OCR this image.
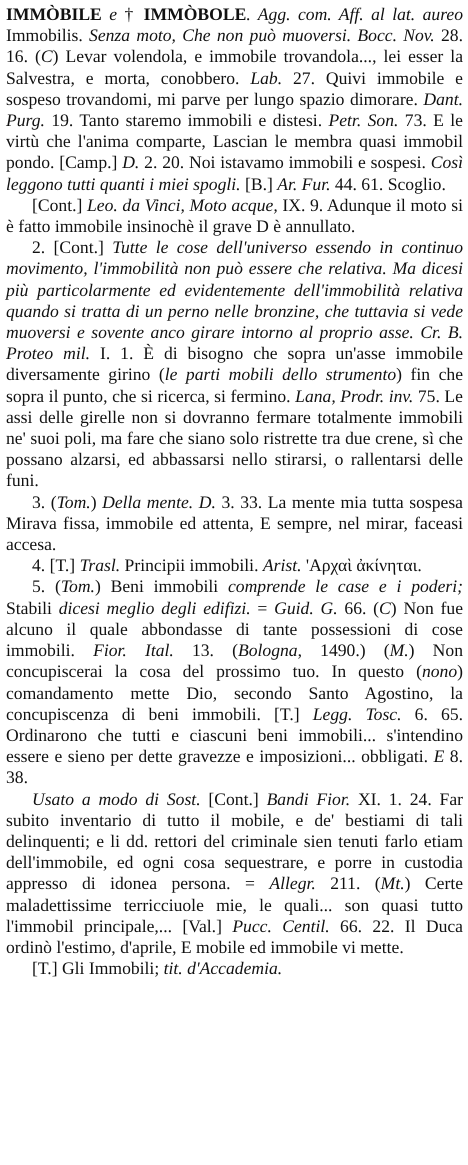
IMMÒBILE e † IMMÒBOLE. Agg. com. Aff. al lat. aureo Immobilis. Senza moto, Che non può muoversi. Bocc. Nov. 28. 16. (C) Levar volendola, e immobile trovandola..., lei esser la Salvestra, e morta, conobbero. Lab. 27. Quivi immobile e sospeso trovandomi, mi parve per lungo spazio dimorare. Dant. Purg. 19. Tanto staremo immobili e distesi. Petr. Son. 73. E le virtù che l'anima comparte, Lascian le membra quasi immobil pondo. [Camp.] D. 2. 20. Noi istavamo immobili e sospesi. Così leggono tutti quanti i miei spogli. [B.] Ar. Fur. 44. 61. Scoglio.

[Cont.] Leo. da Vinci, Moto acque, IX. 9. Adunque il moto si è fatto immobile insinochè il grave D è annullato.

2. [Cont.] Tutte le cose dell'universo essendo in continuo movimento, l'immobilità non può essere che relativa. Ma dicesi più particolarmente ed evidentemente dell'immobilità relativa quando si tratta di un perno nelle bronzine, che tuttavia si vede muoversi e sovente anco girare intorno al proprio asse. Cr. B. Proteo mil. I. 1. È di bisogno che sopra un'asse immobile diversamente girino (le parti mobili dello strumento) fin che sopra il punto, che si ricerca, si fermino. Lana, Prodr. inv. 75. Le assi delle girelle non si dovranno fermare totalmente immobili ne' suoi poli, ma fare che siano solo ristrette tra due crene, sì che possano alzarsi, ed abbassarsi nello stirarsi, o rallentarsi delle funi.

3. (Tom.) Della mente. D. 3. 33. La mente mia tutta sospesa Mirava fissa, immobile ed attenta, E sempre, nel mirar, faceasi accesa.

4. [T.] Trasl. Principii immobili. Arist. 'Αρχαὶ ἀκίνηται.

5. (Tom.) Beni immobili comprende le case e i poderi; Stabili dicesi meglio degli edifizi. = Guid. G. 66. (C) Non fue alcuno il quale abbondasse di tante possessioni di cose immobili. Fior. Ital. 13. (Bologna, 1490.) (M.) Non concupiscerai la cosa del prossimo tuo. In questo (nono) comandamento mette Dio, secondo Santo Agostino, la concupiscenza di beni immobili. [T.] Legg. Tosc. 6. 65. Ordinarono che tutti e ciascuni beni immobili... s'intendino essere e sieno per dette gravezze e imposizioni... obbligati. E 8. 38.

Usato a modo di Sost. [Cont.] Bandi Fior. XI. 1. 24. Far subito inventario di tutto il mobile, e de' bestiami di tali delinquenti; e li dd. rettori del criminale sien tenuti farlo etiam dell'immobile, ed ogni cosa sequestrare, e porre in custodia appresso di idonea persona. = Allegr. 211. (Mt.) Certe maladettissime terricciuole mie, le quali... son quasi tutto l'immobil principale,... [Val.] Pucc. Centil. 66. 22. Il Duca ordinò l'estimo, d'aprile, E mobile ed immobile vi mette.

[T.] Gli Immobili; tit. d'Accademia.
